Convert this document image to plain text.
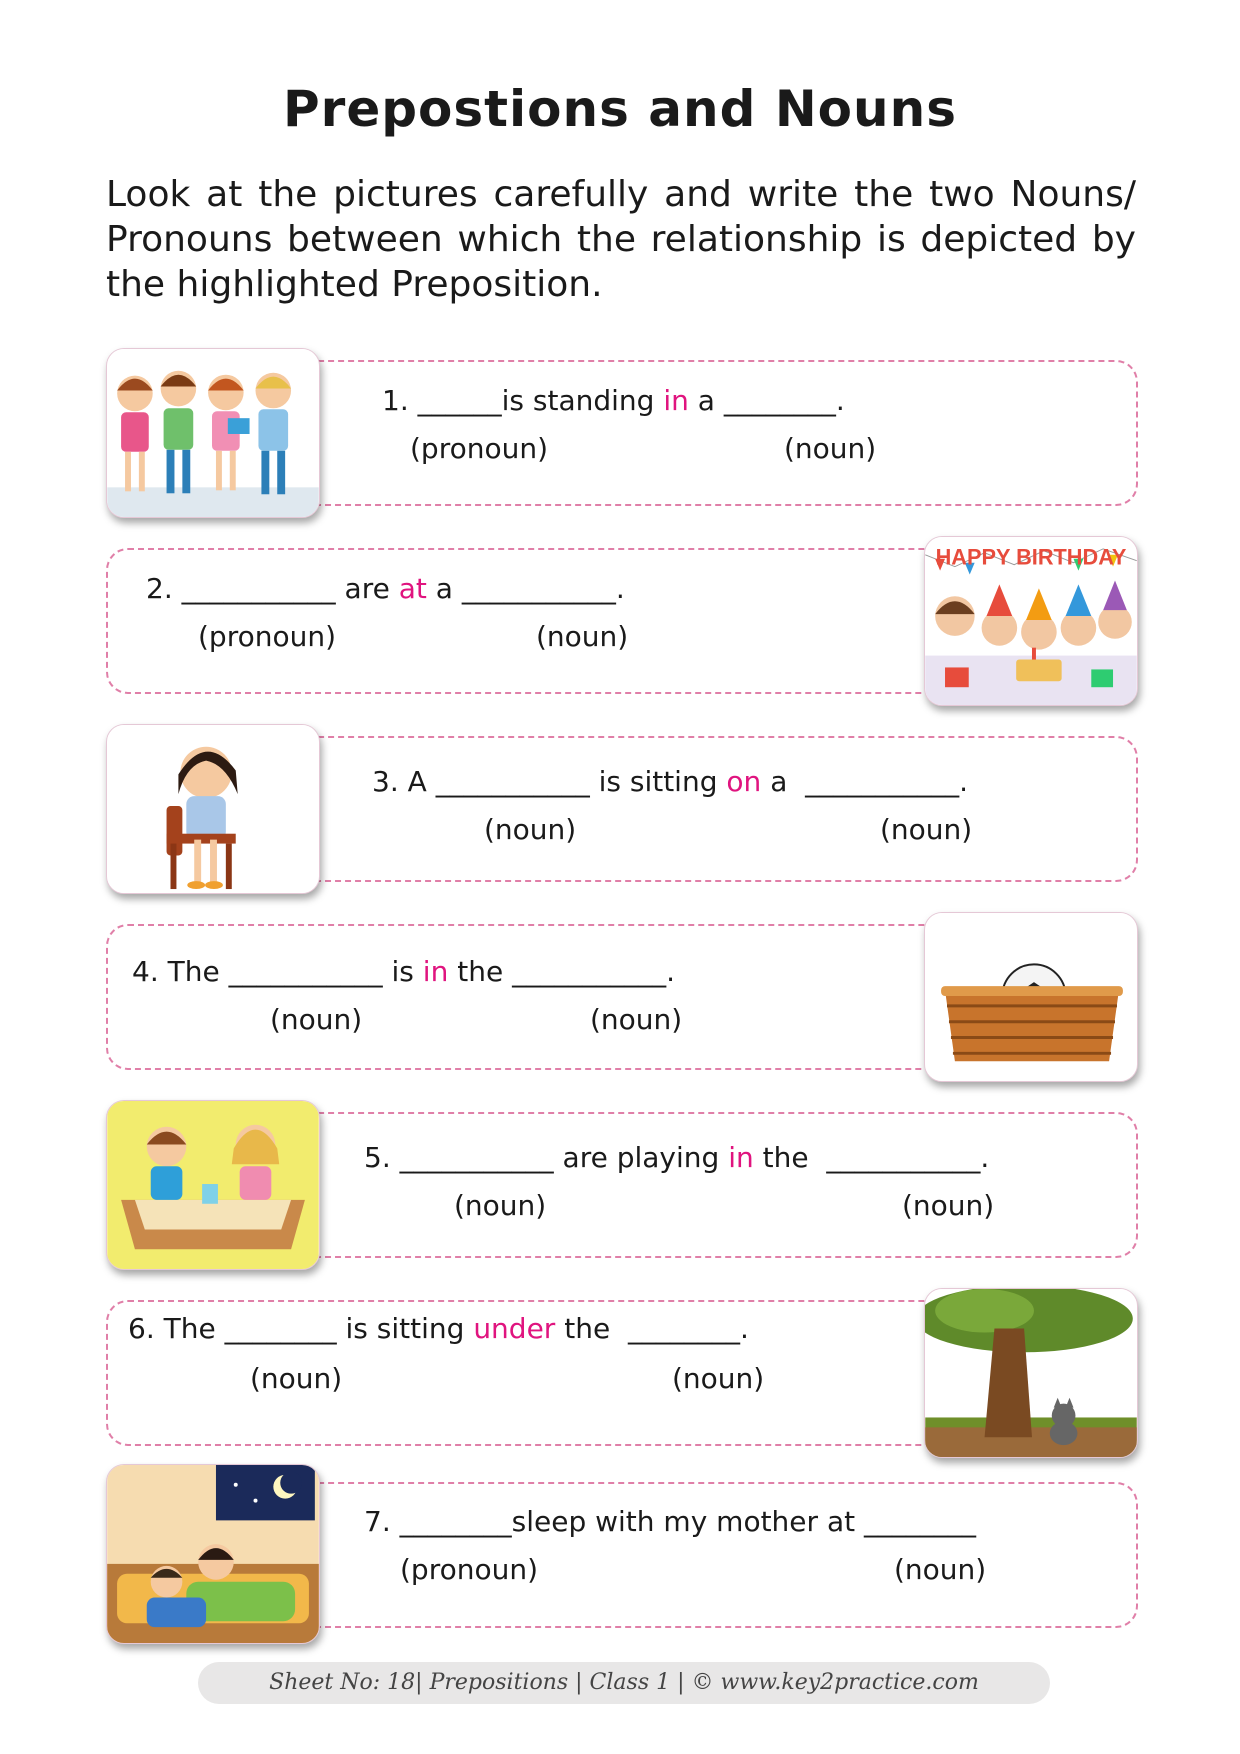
Prepostions and Nouns
Look at the pictures carefully and write the two Nouns/ Pronouns between which the relationship is depicted by the highlighted Preposition.
1. ______is standing in a ________.
(pronoun)	(noun)
HAPPY BIRTHDAY
2. ___________ are at a ___________.
(pronoun)	(noun)
3. A ___________ is sitting on a ___________.
(noun)	(noun)
4. The ___________ is in the ___________.
(noun)	(noun)
5. ___________ are playing in the ___________.
(noun)	(noun)
6. The ________ is sitting under the ________.
(noun)	(noun)
7. ________sleep with my mother at ________
(pronoun)	(noun)
Sheet No: 18| Prepositions | Class 1 | © www.key2practice.com
